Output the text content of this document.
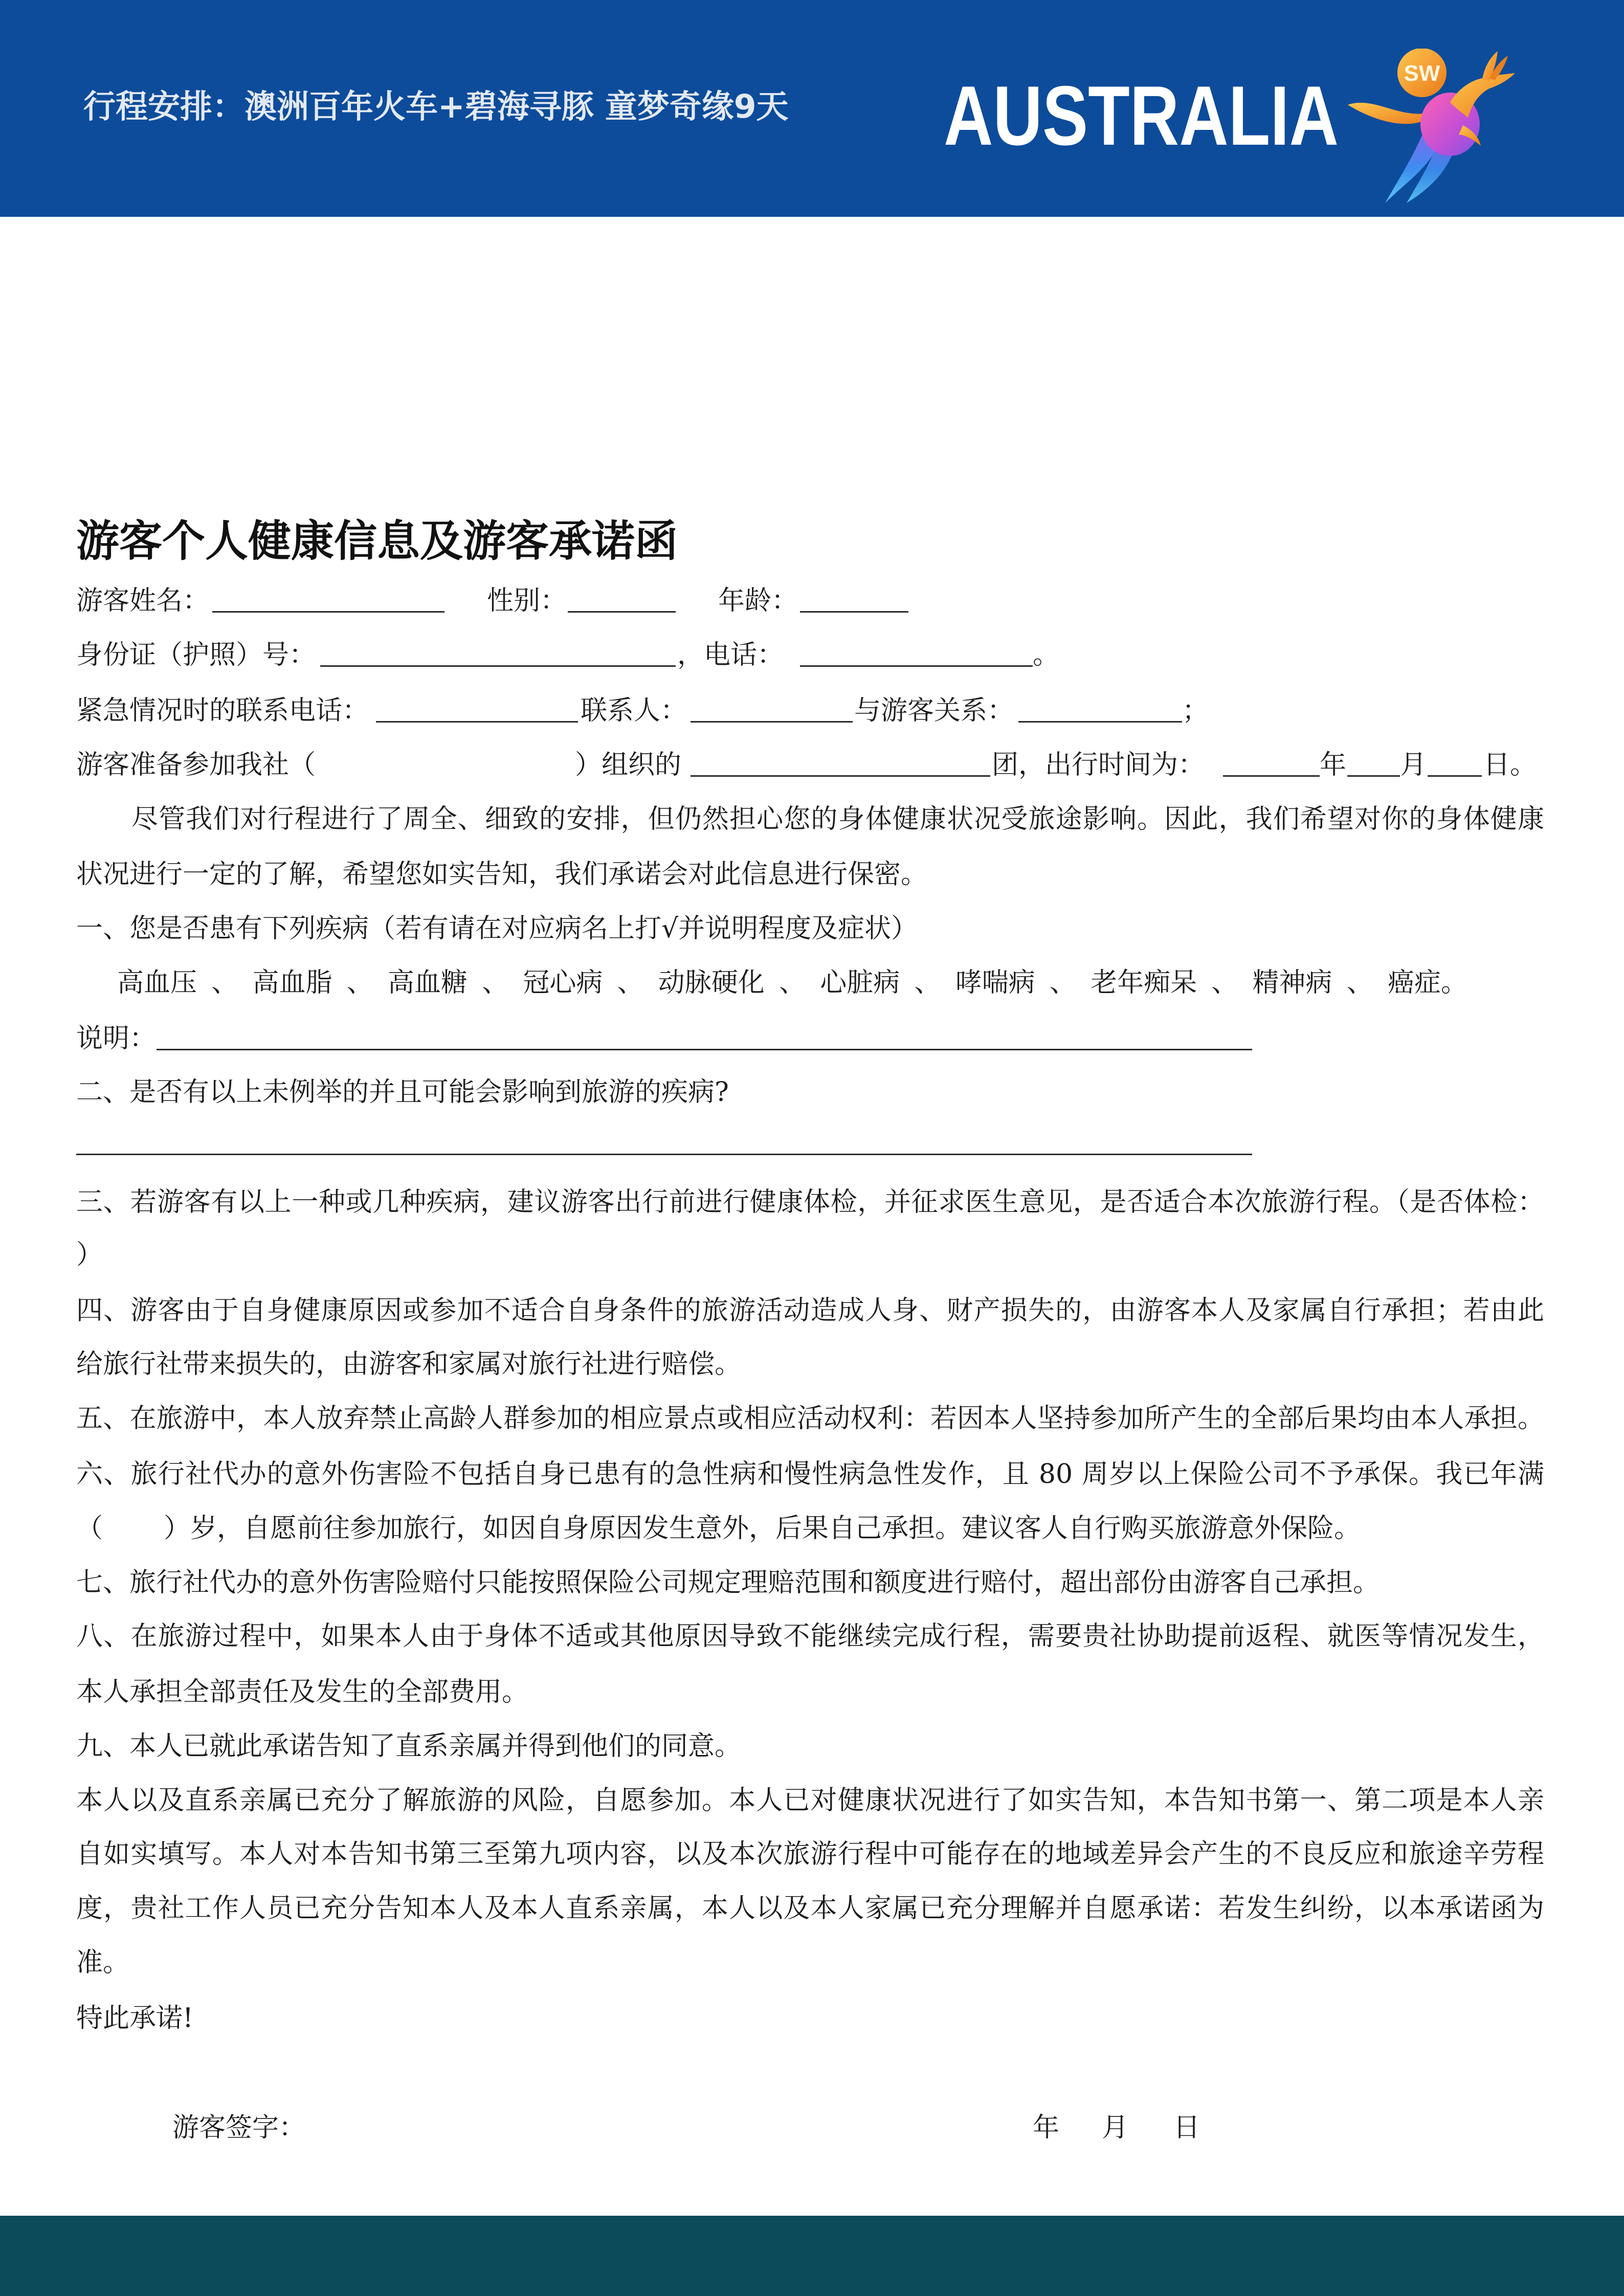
行程安排：澳洲百年火车+碧海寻豚 童梦奇缘9天 AUSTRALIA	SW
游客个人健康信息及游客承诺函
游客姓名：	性别：	年龄：
身份证（护照）号：	，电话：	。
紧急情况时的联系电话：	联系人：	与游客关系：	；
游客准备参加我社（	）组织的	团，出行时间为：	年 月 日。
尽管我们对行程进行了周全、细致的安排，但仍然担心您的身体健康状况受旅途影响。因此，我们希望对你的身体健康
状况进行一定的了解，希望您如实告知，我们承诺会对此信息进行保密。
一、您是否患有下列疾病（若有请在对应病名上打√并说明程度及症状）
高血压 、 高血脂 、 高血糖 、 冠心病 、 动脉硬化 、 心脏病 、 哮喘病 、 老年痴呆 、 精神病 、 癌症。
说明：
二、是否有以上未例举的并且可能会影响到旅游的疾病?
三、若游客有以上一种或几种疾病，建议游客出行前进行健康体检，并征求医生意见，是否适合本次旅游行程。（是否体检：
）
四、游客由于自身健康原因或参加不适合自身条件的旅游活动造成人身、财产损失的，由游客本人及家属自行承担；若由此
给旅行社带来损失的，由游客和家属对旅行社进行赔偿。
五、在旅游中，本人放弃禁止高龄人群参加的相应景点或相应活动权利：若因本人坚持参加所产生的全部后果均由本人承担。
六、旅行社代办的意外伤害险不包括自身已患有的急性病和慢性病急性发作，且 80 周岁以上保险公司不予承保。我已年满
（ ）岁，自愿前往参加旅行，如因自身原因发生意外，后果自己承担。建议客人自行购买旅游意外保险。
七、旅行社代办的意外伤害险赔付只能按照保险公司规定理赔范围和额度进行赔付，超出部份由游客自己承担。
八、在旅游过程中，如果本人由于身体不适或其他原因导致不能继续完成行程，需要贵社协助提前返程、就医等情况发生，
本人承担全部责任及发生的全部费用。
九、本人已就此承诺告知了直系亲属并得到他们的同意。
本人以及直系亲属已充分了解旅游的风险，自愿参加。本人已对健康状况进行了如实告知，本告知书第一、第二项是本人亲
自如实填写。本人对本告知书第三至第九项内容，以及本次旅游行程中可能存在的地域差异会产生的不良反应和旅途辛劳程
度，贵社工作人员已充分告知本人及本人直系亲属，本人以及本人家属已充分理解并自愿承诺：若发生纠纷，以本承诺函为
准。
特此承诺!
游客签字：	年 月 日
